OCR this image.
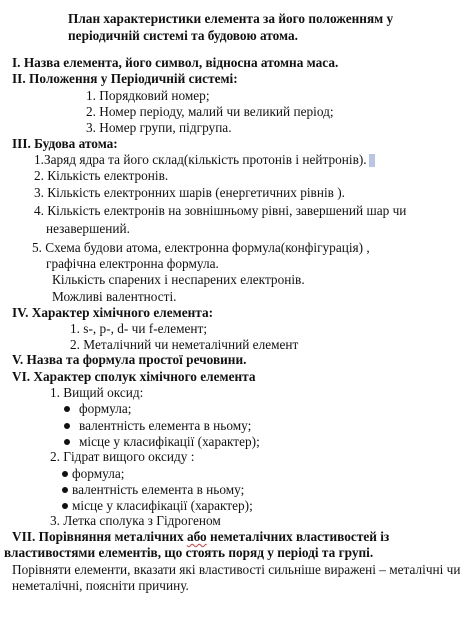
План характеристики елемента за його положенням у періодичній системі та будовою атома.
I. Назва елемента, його символ, відносна атомна маса.
II. Положення у Періодичній системі:
1. Порядковий номер;
2. Номер періоду, малий чи великий період;
3. Номер групи, підгрупа.
III. Будова атома:
1.Заряд ядра та його склад(кількість протонів і нейтронів).
2. Кількість електронів.
3. Кількість електронних шарів (енергетичних рівнів ).
4. Кількість електронів на зовнішньому рівні, завершений шар чи
незавершений.
5. Схема будови атома, електронна формула(конфігурація) ,
графічна електронна формула.
Кількість спарених і неспарених електронів.
Можливі валентності.
IV. Характер хімічного елемента:
1. s-, p-, d- чи f-елемент;
2. Металічний чи неметалічний елемент
V. Назва та формула простої речовини.
VI. Характер сполук хімічного елемента
1. Вищий оксид:
формула;
валентність елемента в ньому;
місце у класифікації (характер);
2. Гідрат вищого оксиду :
формула;
валентність елемента в ньому;
місце у класифікації (характер);
3. Летка сполука з Гідрогеном
VII. Порівняння металічних або неметалічних властивостей із
властивостями елементів, що стоять поряд у періоді та групі.
Порівняти елементи, вказати які властивості сильніше виражені – металічні чи неметалічні, поясніти причину.
